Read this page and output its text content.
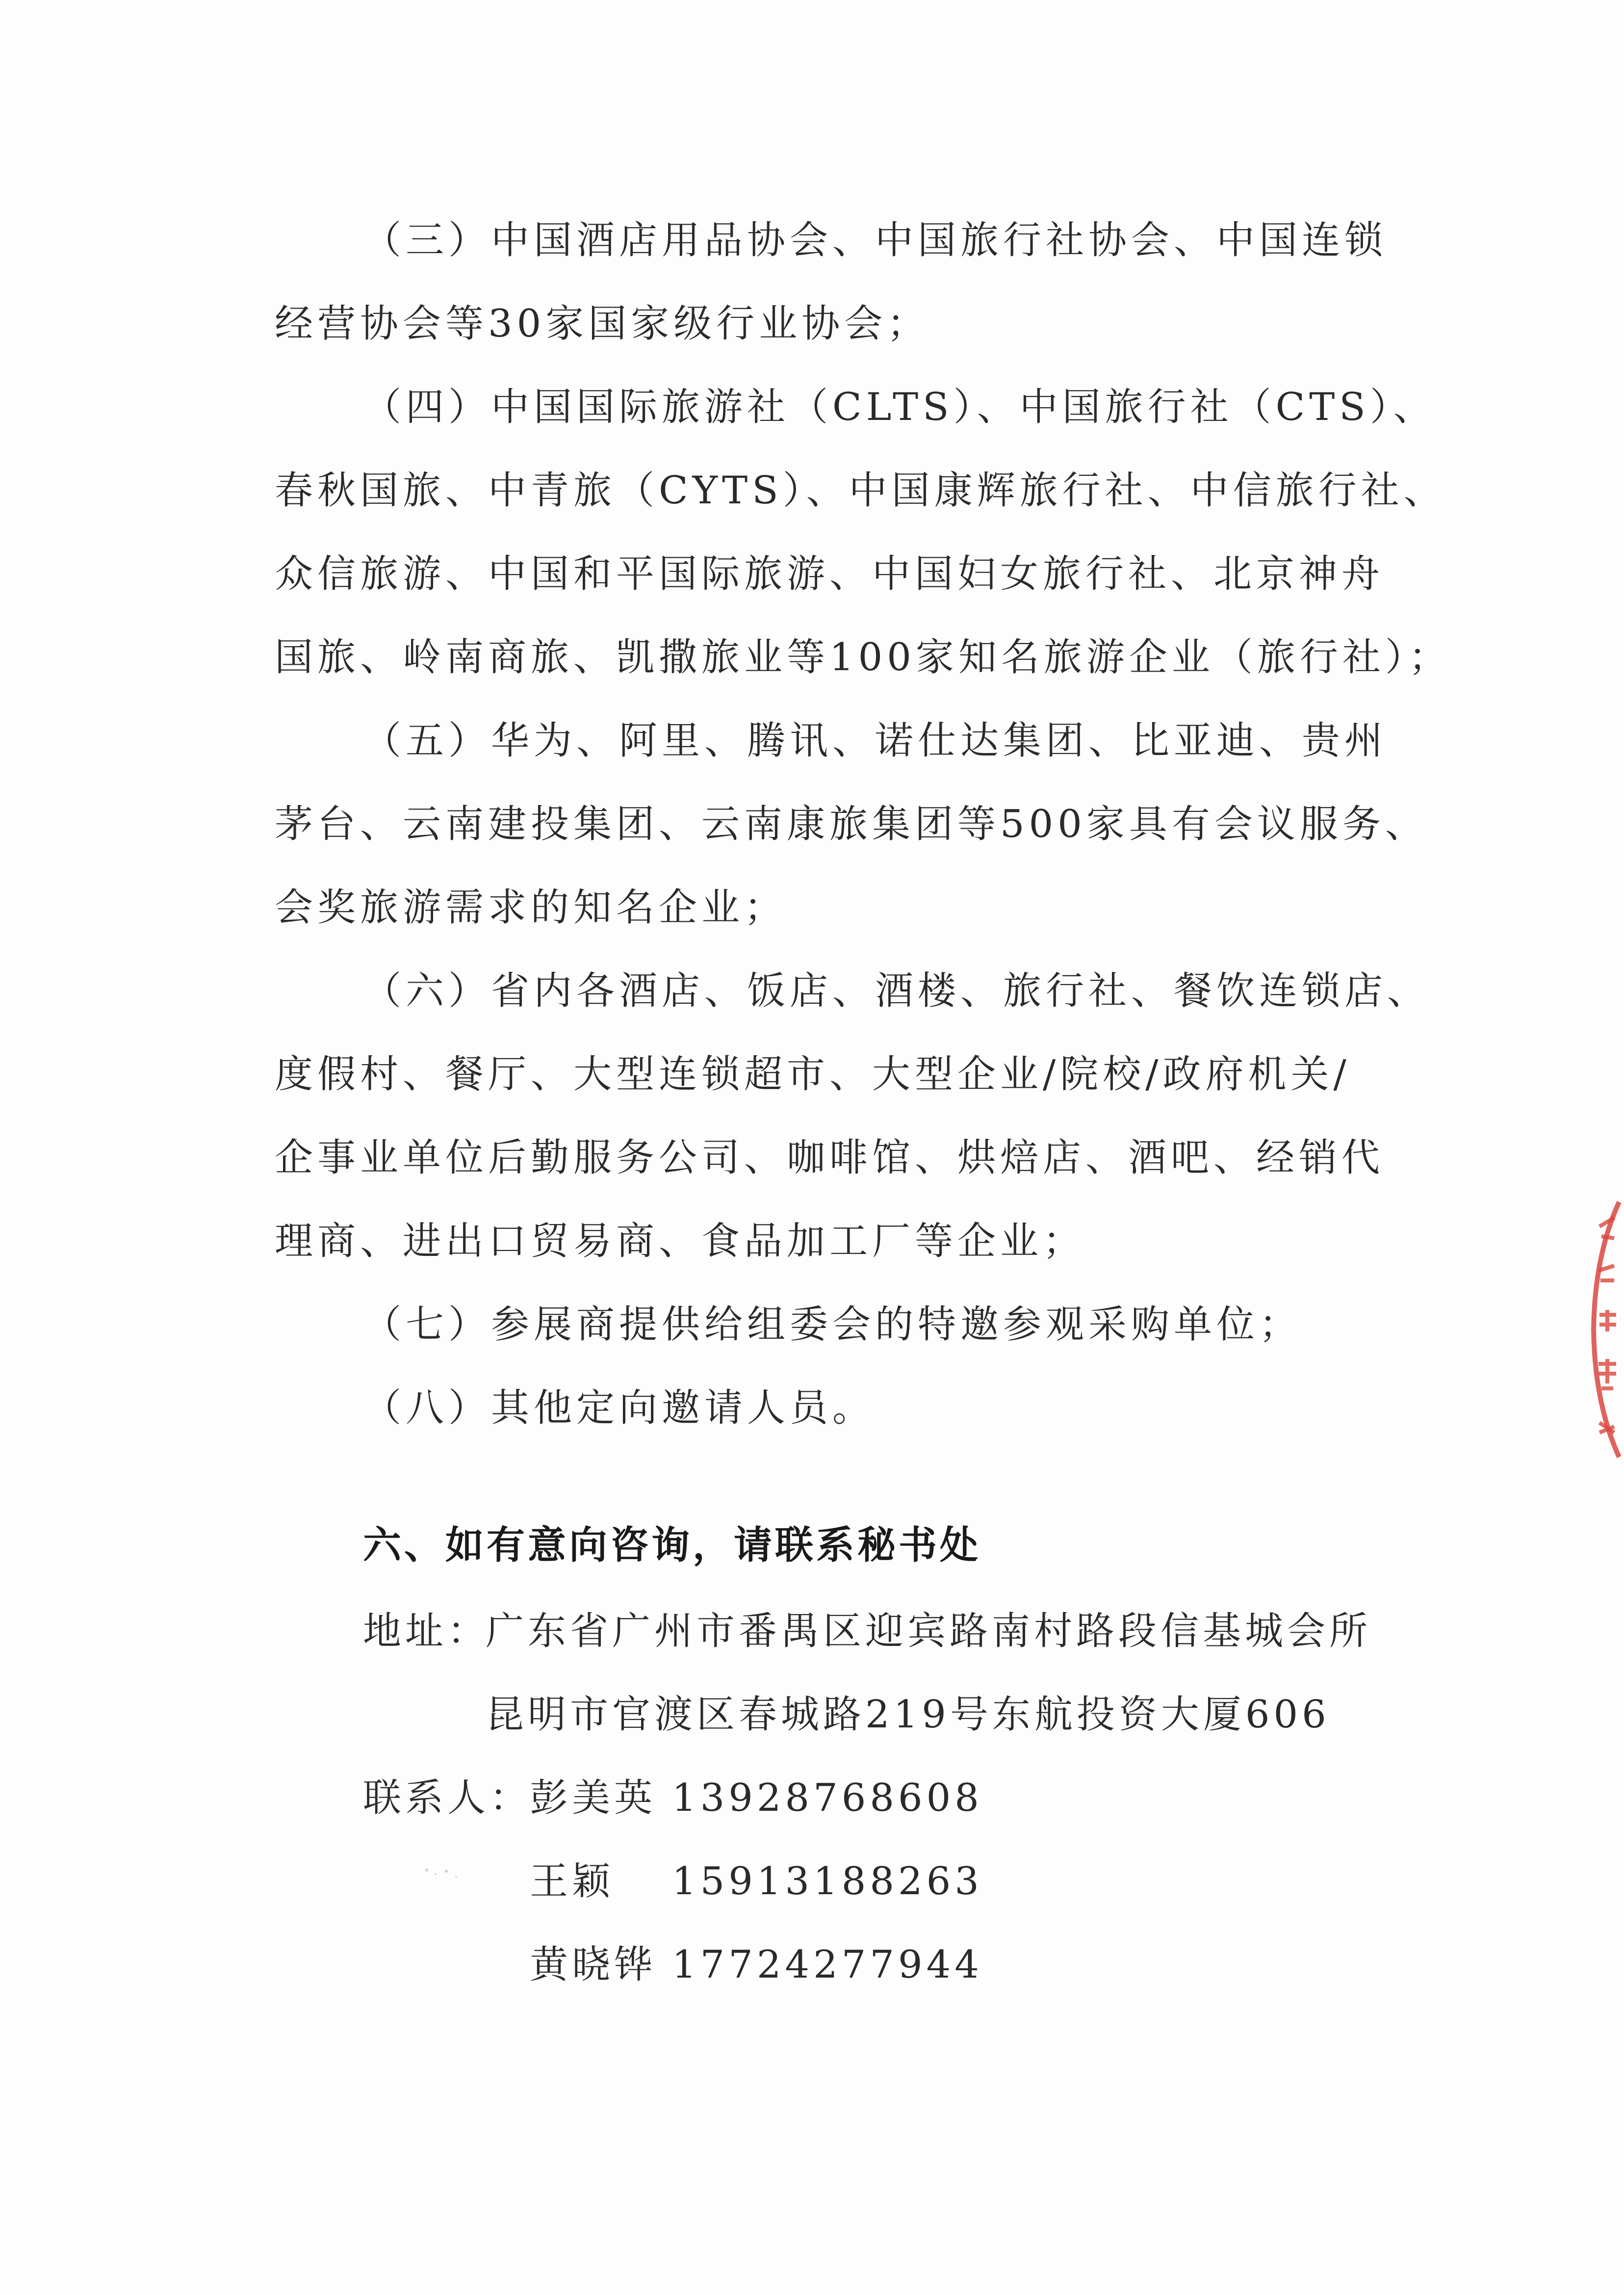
（三）中国酒店用品协会、中国旅行社协会、中国连锁
经营协会等30家国家级行业协会；
（四）中国国际旅游社（CLTS）、中国旅行社（CTS）、
春秋国旅、中青旅（CYTS）、中国康辉旅行社、中信旅行社、
众信旅游、中国和平国际旅游、中国妇女旅行社、北京神舟
国旅、岭南商旅、凯撒旅业等100家知名旅游企业（旅行社）；
（五）华为、阿里、腾讯、诺仕达集团、比亚迪、贵州
茅台、云南建投集团、云南康旅集团等500家具有会议服务、
会奖旅游需求的知名企业；
（六）省内各酒店、饭店、酒楼、旅行社、餐饮连锁店、
度假村、餐厅、大型连锁超市、大型企业/院校/政府机关/
企事业单位后勤服务公司、咖啡馆、烘焙店、酒吧、经销代
理商、进出口贸易商、食品加工厂等企业；
（七）参展商提供给组委会的特邀参观采购单位；
（八）其他定向邀请人员。
六、如有意向咨询，请联系秘书处
地址：
广东省广州市番禺区迎宾路南村路段信基城会所
昆明市官渡区春城路219号东航投资大厦606
联系人：
彭美英 13928768608
王颖 15913188263
黄晓铧 17724277944
